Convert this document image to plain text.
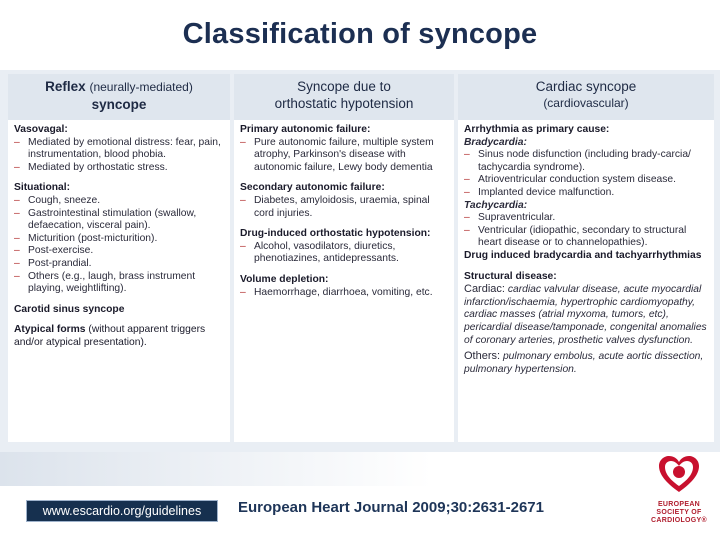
Classification of syncope
Reflex (neurally-mediated)
syncope
Vasovagal:
– Mediated by emotional distress: fear, pain, instrumentation, blood phobia.
– Mediated by orthostatic stress.
Situational:
– Cough, sneeze.
– Gastrointestinal stimulation (swallow, defaecation, visceral pain).
– Micturition (post-micturition).
– Post-exercise.
– Post-prandial.
– Others (e.g., laugh, brass instrument playing, weightlifting).
Carotid sinus syncope
Atypical forms (without apparent triggers and/or atypical presentation).
Syncope due to
orthostatic hypotension
Primary autonomic failure:
– Pure autonomic failure, multiple system atrophy, Parkinson's disease with autonomic failure, Lewy body dementia
Secondary autonomic failure:
– Diabetes, amyloidosis, uraemia, spinal cord injuries.
Drug-induced orthostatic hypotension:
– Alcohol, vasodilators, diuretics, phenotiazines, antidepressants.
Volume depletion:
– Haemorrhage, diarrhoea, vomiting, etc.
Cardiac syncope
(cardiovascular)
Arrhythmia as primary cause:
Bradycardia:
– Sinus node disfunction (including brady-carcia/ tachycardia syndrome).
– Atrioventricular conduction system disease.
– Implanted device malfunction.
Tachycardia:
– Supraventricular.
– Ventricular (idiopathic, secondary to structural heart disease or to channelopathies).
Drug induced bradycardia and tachyarrhythmias
Structural disease:
Cardiac: cardiac valvular disease, acute myocardial infarction/ischaemia, hypertrophic cardiomyopathy, cardiac masses (atrial myxoma, tumors, etc), pericardial disease/tamponade, congenital anomalies of coronary arteries, prosthetic valves dysfunction.
Others: pulmonary embolus, acute aortic dissection, pulmonary hypertension.
www.escardio.org/guidelines	European Heart Journal 2009;30:2631-2671	EUROPEAN
SOCIETY OF
CARDIOLOGY®
